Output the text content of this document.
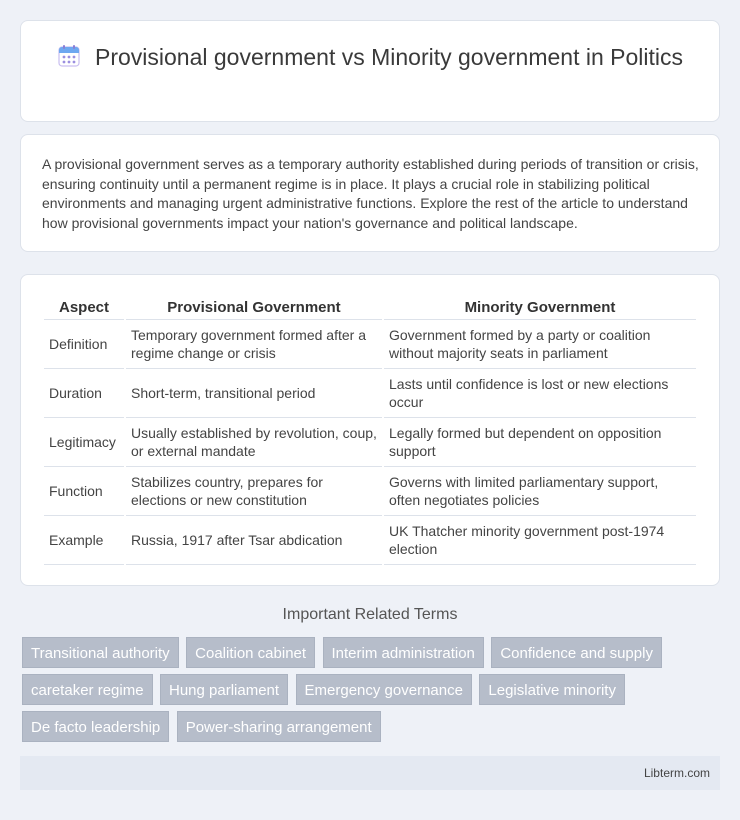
Provisional government vs Minority government in Politics

A provisional government serves as a temporary authority established during periods of transition or crisis, ensuring continuity until a permanent regime is in place. It plays a crucial role in stabilizing political environments and managing urgent administrative functions. Explore the rest of the article to understand how provisional governments impact your nation's governance and political landscape.

Aspect	Provisional Government	Minority Government
Definition	Temporary government formed after a regime change or crisis	Government formed by a party or coalition without majority seats in parliament
Duration	Short-term, transitional period	Lasts until confidence is lost or new elections occur
Legitimacy	Usually established by revolution, coup, or external mandate	Legally formed but dependent on opposition support
Function	Stabilizes country, prepares for elections or new constitution	Governs with limited parliamentary support, often negotiates policies
Example	Russia, 1917 after Tsar abdication	UK Thatcher minority government post-1974 election
Important Related Terms
Transitional authority Coalition cabinet Interim administration Confidence and supply
caretaker regime Hung parliament Emergency governance Legislative minority
De facto leadership Power-sharing arrangement
Libterm.com
